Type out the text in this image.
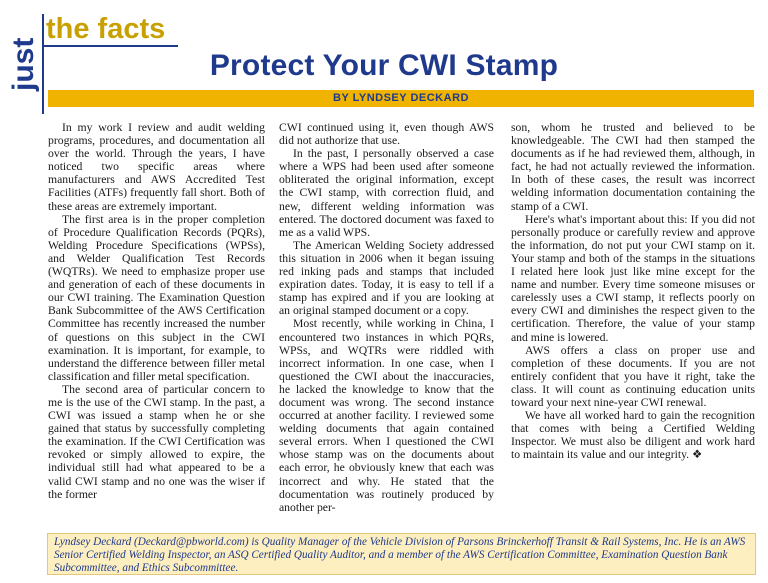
just
the facts
Protect Your CWI Stamp
BY LYNDSEY DECKARD

In my work I review and audit welding programs, procedures, and documentation all over the world. Through the years, I have noticed two specific areas where manufacturers and AWS Accredited Test Facilities (ATFs) frequently fall short. Both of these areas are extremely important.

The first area is in the proper completion of Procedure Qualification Records (PQRs), Welding Procedure Specifications (WPSs), and Welder Qualification Test Records (WQTRs). We need to emphasize proper use and generation of each of these documents in our CWI training. The Examination Question Bank Subcommittee of the AWS Certification Committee has recently increased the number of questions on this subject in the CWI examination. It is important, for example, to understand the difference between filler metal classification and filler metal specification.

The second area of particular concern to me is the use of the CWI stamp. In the past, a CWI was issued a stamp when he or she gained that status by successfully completing the examination. If the CWI Certification was revoked or simply allowed to expire, the individual still had what appeared to be a valid CWI stamp and no one was the wiser if the former

CWI continued using it, even though AWS did not authorize that use.

In the past, I personally observed a case where a WPS had been used after someone obliterated the original information, except the CWI stamp, with correction fluid, and new, different welding information was entered. The doctored document was faxed to me as a valid WPS.

The American Welding Society addressed this situation in 2006 when it began issuing red inking pads and stamps that included expiration dates. Today, it is easy to tell if a stamp has expired and if you are looking at an original stamped document or a copy.

Most recently, while working in China, I encountered two instances in which PQRs, WPSs, and WQTRs were riddled with incorrect information. In one case, when I questioned the CWI about the inaccuracies, he lacked the knowledge to know that the document was wrong. The second instance occurred at another facility. I reviewed some welding documents that again contained several errors. When I questioned the CWI whose stamp was on the documents about each error, he obviously knew that each was incorrect and why. He stated that the documentation was routinely produced by another per-

son, whom he trusted and believed to be knowledgeable. The CWI had then stamped the documents as if he had reviewed them, although, in fact, he had not actually reviewed the information. In both of these cases, the result was incorrect welding information documentation containing the stamp of a CWI.

Here's what's important about this: If you did not personally produce or carefully review and approve the information, do not put your CWI stamp on it. Your stamp and both of the stamps in the situations I related here look just like mine except for the name and number. Every time someone misuses or carelessly uses a CWI stamp, it reflects poorly on every CWI and diminishes the respect given to the certification. Therefore, the value of your stamp and mine is lowered.

AWS offers a class on proper use and completion of these documents. If you are not entirely confident that you have it right, take the class. It will count as continuing education units toward your next nine-year CWI renewal.

We have all worked hard to gain the recognition that comes with being a Certified Welding Inspector. We must also be diligent and work hard to maintain its value and our integrity. ❖

Lyndsey Deckard (Deckard@pbworld.com) is Quality Manager of the Vehicle Division of Parsons Brinckerhoff Transit & Rail Systems, Inc. He is an AWS Senior Certified Welding Inspector, an ASQ Certified Quality Auditor, and a member of the AWS Certification Committee, Examination Question Bank Subcommittee, and Ethics Subcommittee.
